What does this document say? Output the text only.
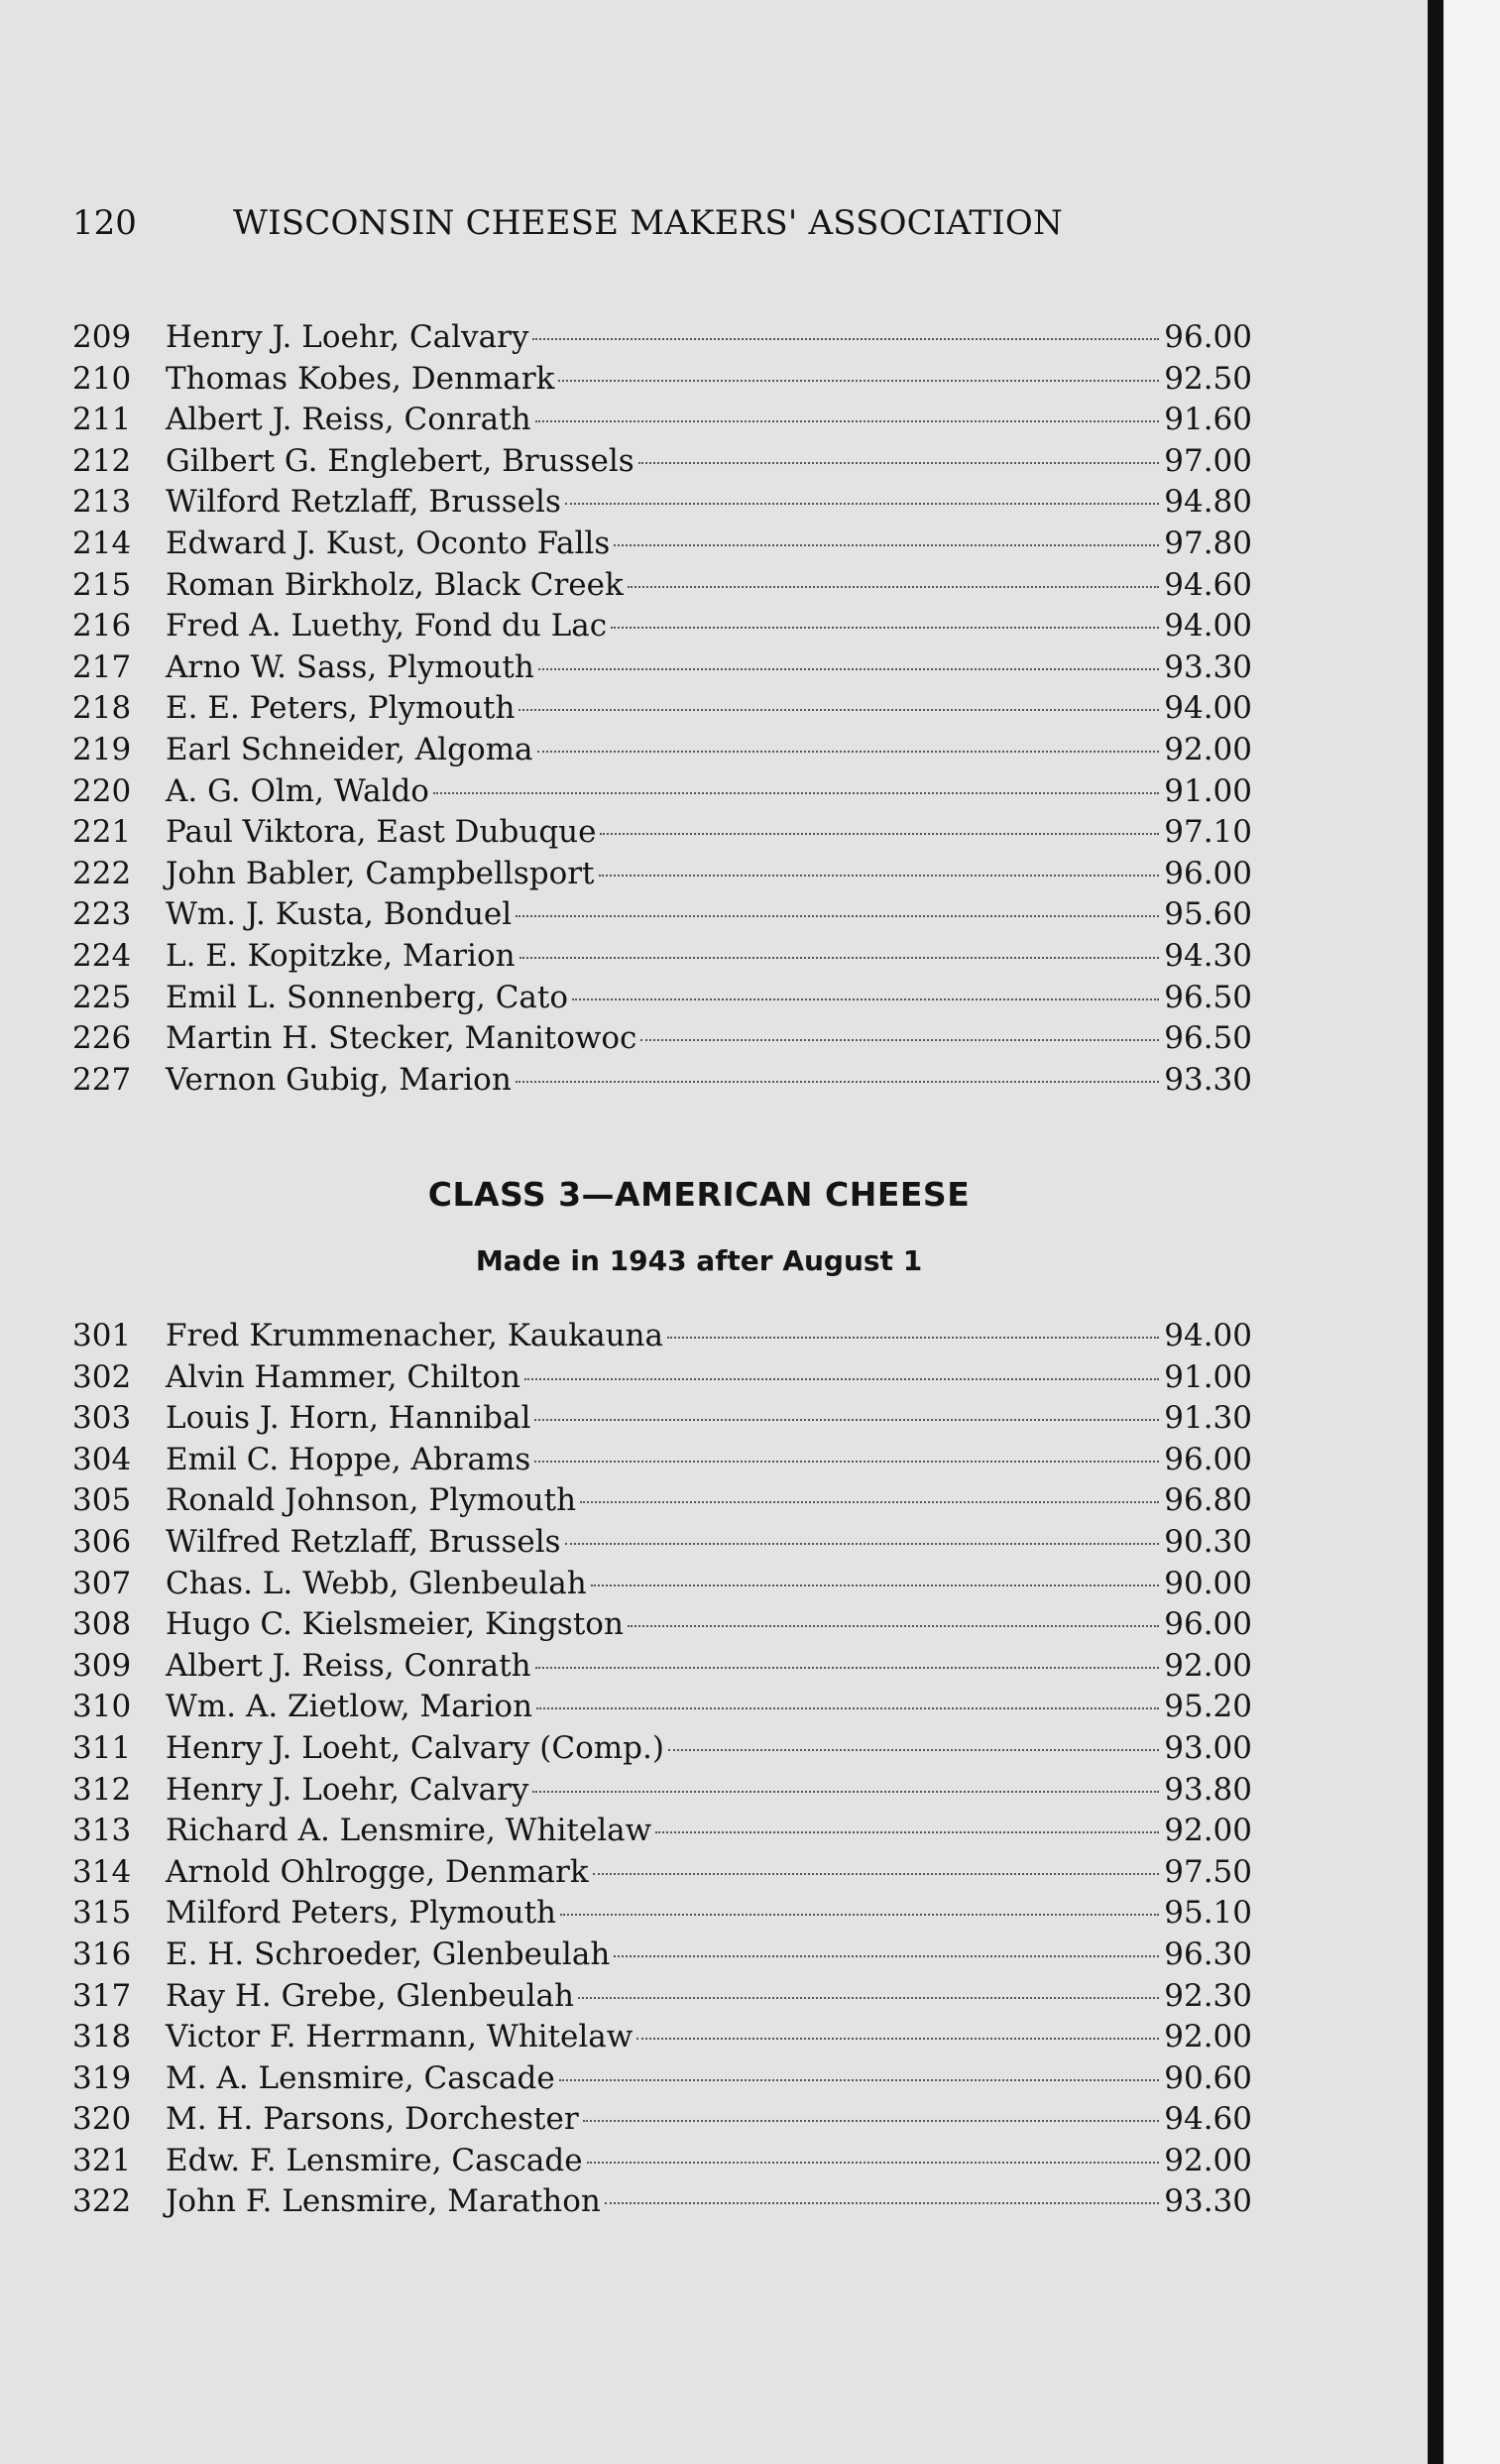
120	WISCONSIN CHEESE MAKERS' ASSOCIATION
209	Henry J. Loehr, Calvary	96.00
210	Thomas Kobes, Denmark	92.50
211	Albert J. Reiss, Conrath	91.60
212	Gilbert G. Englebert, Brussels	97.00
213	Wilford Retzlaff, Brussels	94.80
214	Edward J. Kust, Oconto Falls	97.80
215	Roman Birkholz, Black Creek	94.60
216	Fred A. Luethy, Fond du Lac	94.00
217	Arno W. Sass, Plymouth	93.30
218	E. E. Peters, Plymouth	94.00
219	Earl Schneider, Algoma	92.00
220	A. G. Olm, Waldo	91.00
221	Paul Viktora, East Dubuque	97.10
222	John Babler, Campbellsport	96.00
223	Wm. J. Kusta, Bonduel	95.60
224	L. E. Kopitzke, Marion	94.30
225	Emil L. Sonnenberg, Cato	96.50
226	Martin H. Stecker, Manitowoc	96.50
227	Vernon Gubig, Marion	93.30
CLASS 3—AMERICAN CHEESE
Made in 1943 after August 1
301	Fred Krummenacher, Kaukauna	94.00
302	Alvin Hammer, Chilton	91.00
303	Louis J. Horn, Hannibal	91.30
304	Emil C. Hoppe, Abrams	96.00
305	Ronald Johnson, Plymouth	96.80
306	Wilfred Retzlaff, Brussels	90.30
307	Chas. L. Webb, Glenbeulah	90.00
308	Hugo C. Kielsmeier, Kingston	96.00
309	Albert J. Reiss, Conrath	92.00
310	Wm. A. Zietlow, Marion	95.20
311	Henry J. Loeht, Calvary (Comp.)	93.00
312	Henry J. Loehr, Calvary	93.80
313	Richard A. Lensmire, Whitelaw	92.00
314	Arnold Ohlrogge, Denmark	97.50
315	Milford Peters, Plymouth	95.10
316	E. H. Schroeder, Glenbeulah	96.30
317	Ray H. Grebe, Glenbeulah	92.30
318	Victor F. Herrmann, Whitelaw	92.00
319	M. A. Lensmire, Cascade	90.60
320	M. H. Parsons, Dorchester	94.60
321	Edw. F. Lensmire, Cascade	92.00
322	John F. Lensmire, Marathon	93.30
